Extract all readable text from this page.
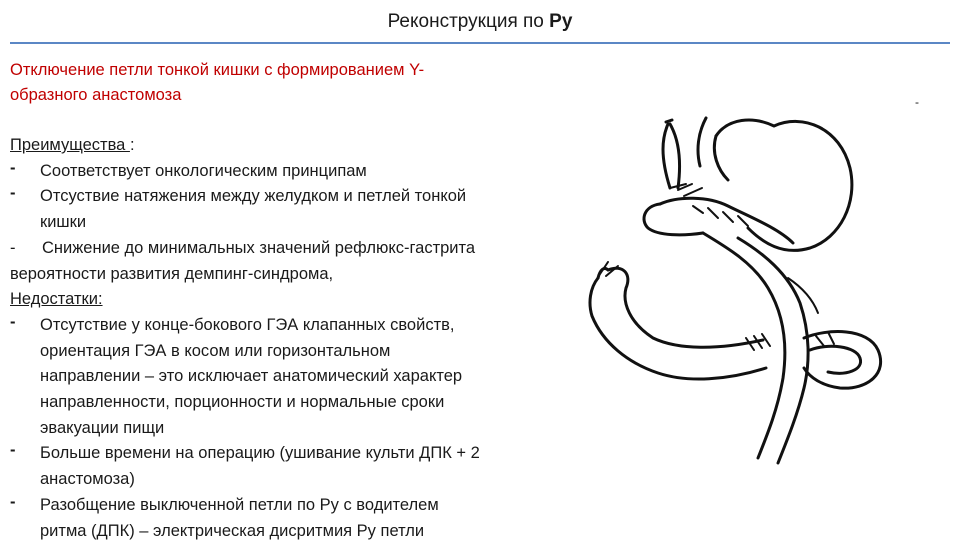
Реконструкция по Ру
Отключение петли тонкой кишки с формированием Y-
образного анастомоза
Преимущества :
- Соответствует онкологическим принципам
- Отсуствие натяжения между желудком и петлей тонкой
кишки
- Снижение до минимальных значений рефлюкс-гастрита
вероятности развития демпинг-синдрома,
Недостатки:
- Отсутствие у конце-бокового ГЭА клапанных свойств,
ориентация ГЭА в косом или горизонтальном
направлении – это исключает анатомический характер
направленности, порционности и нормальные сроки
эвакуации пищи
- Больше времени на операцию (ушивание культи ДПК + 2
анастомоза)
- Разобщение выключенной петли по Ру с водителем
ритма (ДПК) – электрическая дисритмия Ру петли
-
